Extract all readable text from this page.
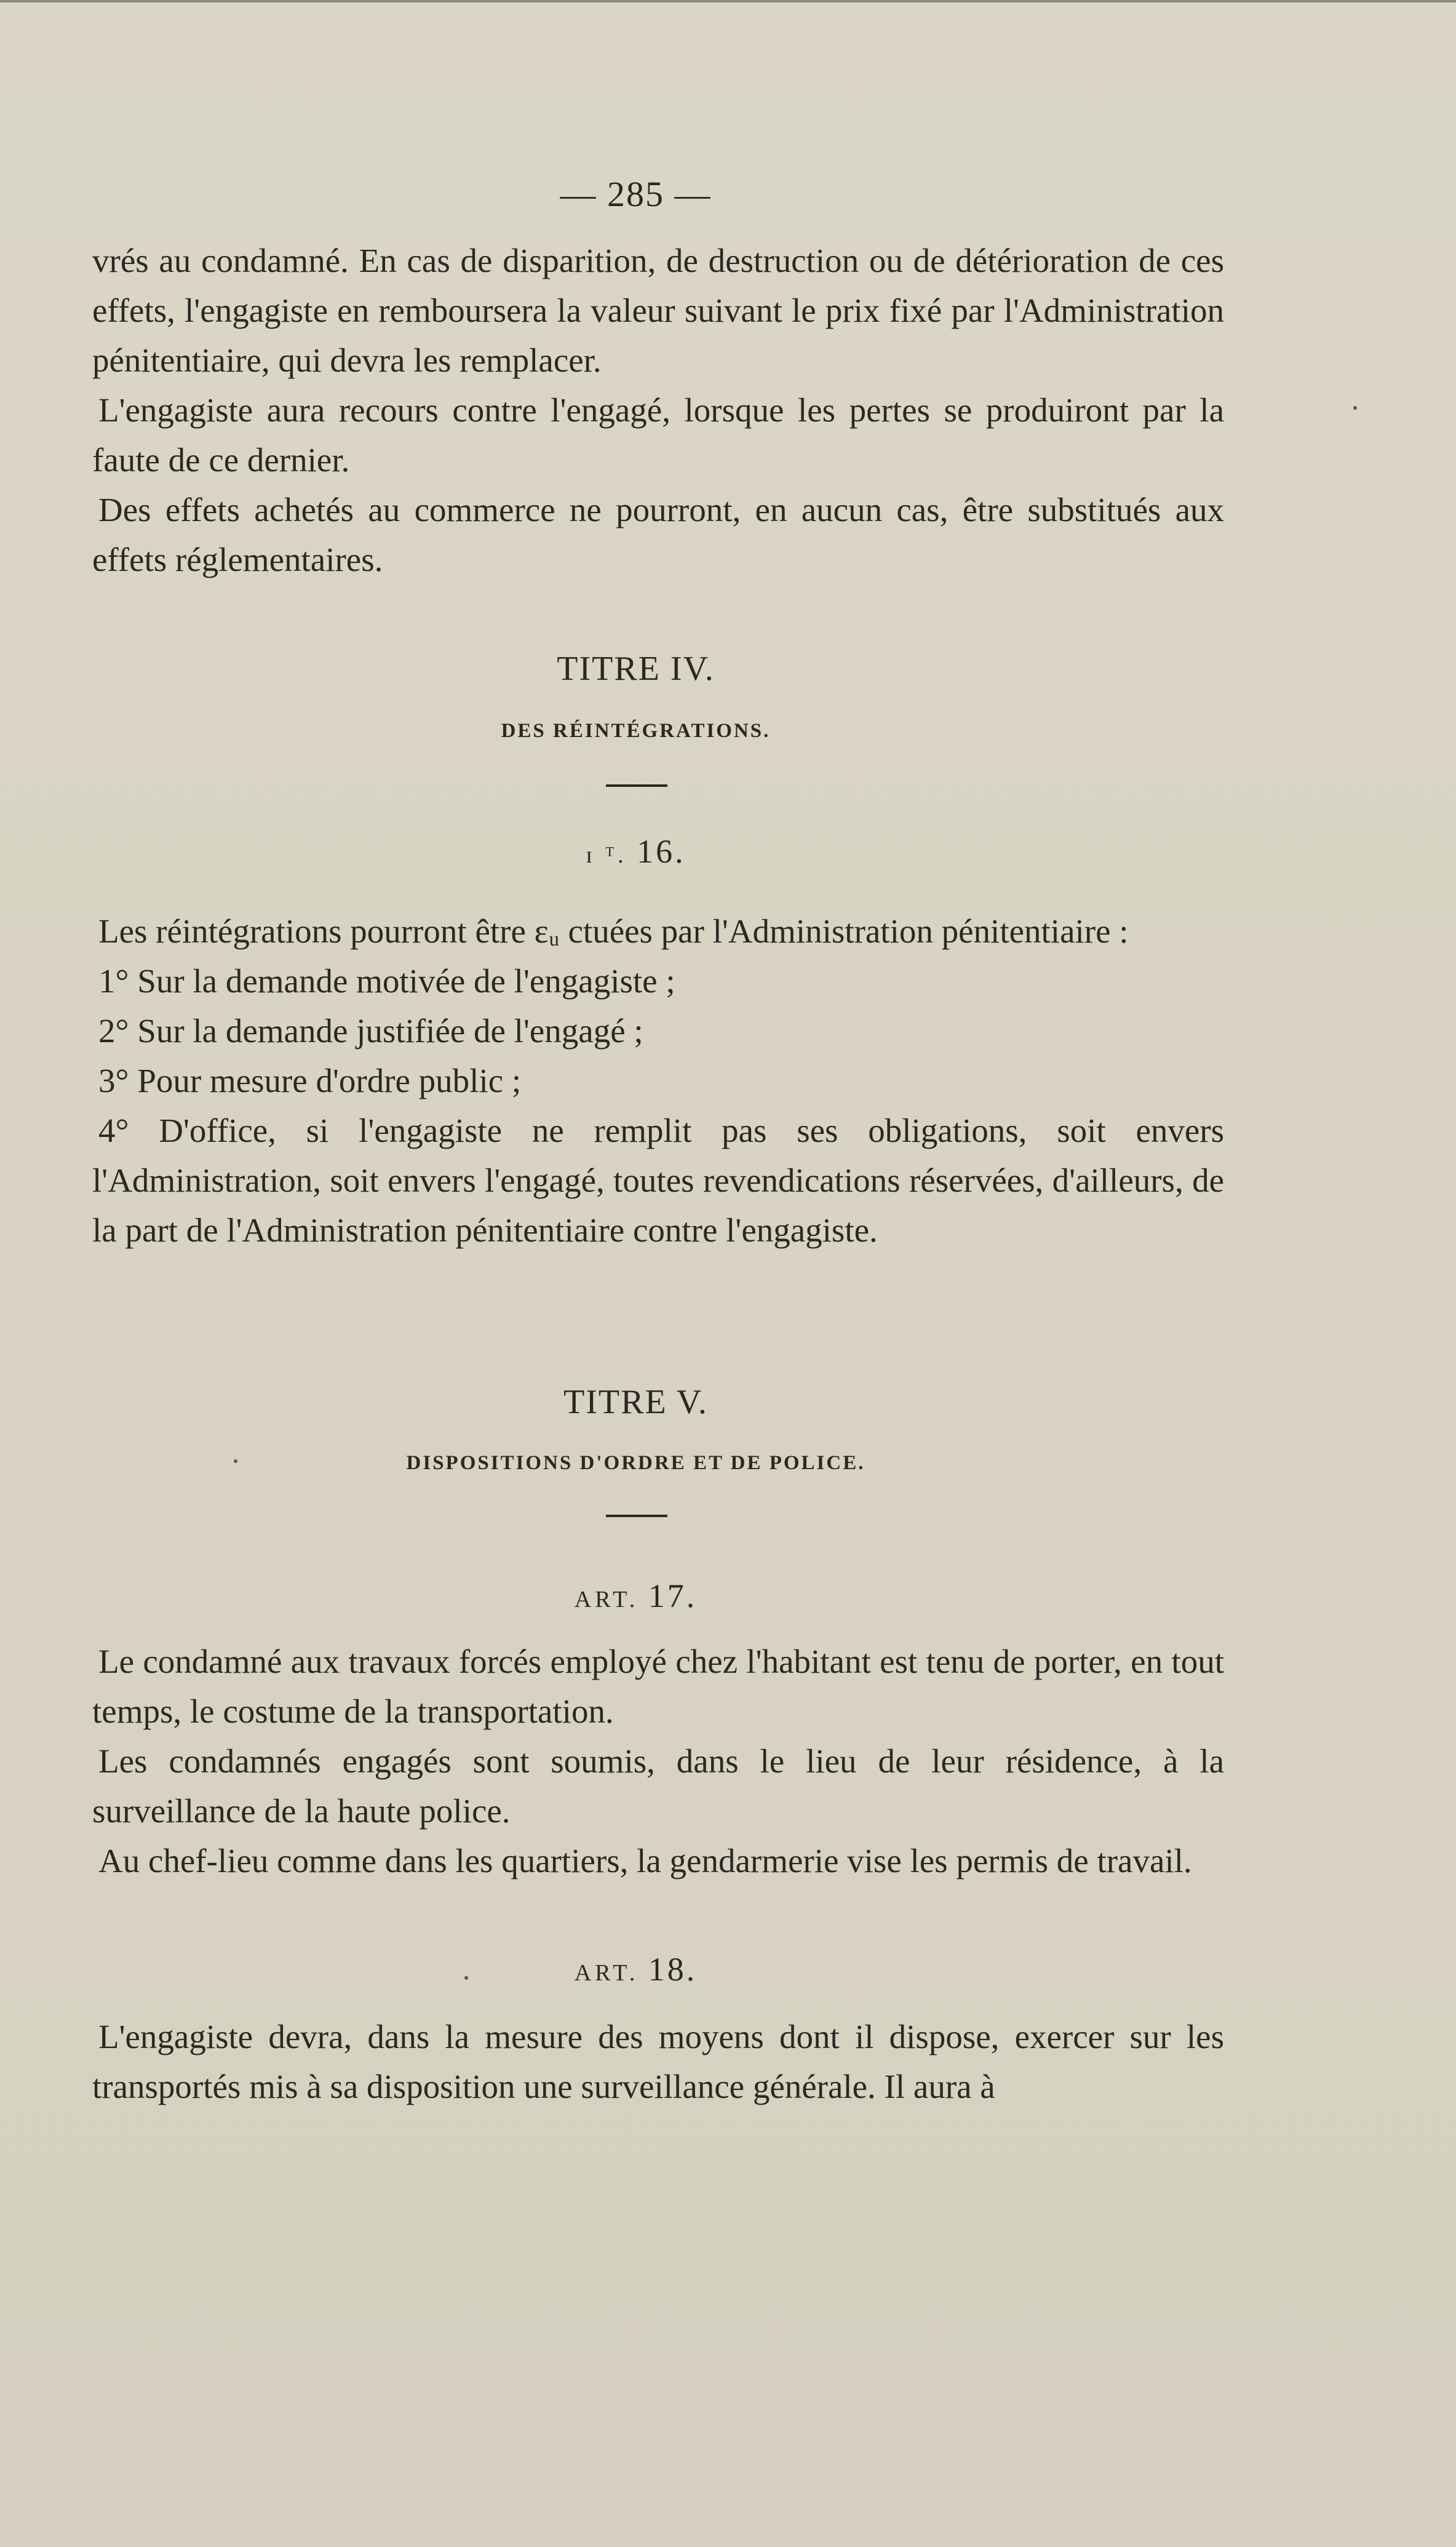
— 285 —

vrés au condamné. En cas de disparition, de destruction ou de détérioration de ces effets, l'engagiste en remboursera la valeur suivant le prix fixé par l'Administration pénitentiaire, qui devra les remplacer.

L'engagiste aura recours contre l'engagé, lorsque les pertes se produiront par la faute de ce dernier.

Des effets achetés au commerce ne pourront, en aucun cas, être substitués aux effets réglementaires.

TITRE IV.
DES RÉINTÉGRATIONS.
ɪ ᵀ. 16.

Les réintégrations pourront être ɛᵤ ctuées par l'Administration pénitentiaire :

1° Sur la demande motivée de l'engagiste ;

2° Sur la demande justifiée de l'engagé ;

3° Pour mesure d'ordre public ;

4° D'office, si l'engagiste ne remplit pas ses obligations, soit envers l'Administration, soit envers l'engagé, toutes revendications réservées, d'ailleurs, de la part de l'Administration pénitentiaire contre l'engagiste.

TITRE V.
DISPOSITIONS D'ORDRE ET DE POLICE.
ART. 17.

Le condamné aux travaux forcés employé chez l'habitant est tenu de porter, en tout temps, le costume de la transportation.

Les condamnés engagés sont soumis, dans le lieu de leur résidence, à la surveillance de la haute police.

Au chef-lieu comme dans les quartiers, la gendarmerie vise les permis de travail.

ART. 18.

L'engagiste devra, dans la mesure des moyens dont il dispose, exercer sur les transportés mis à sa disposition une surveillance générale. Il aura à
